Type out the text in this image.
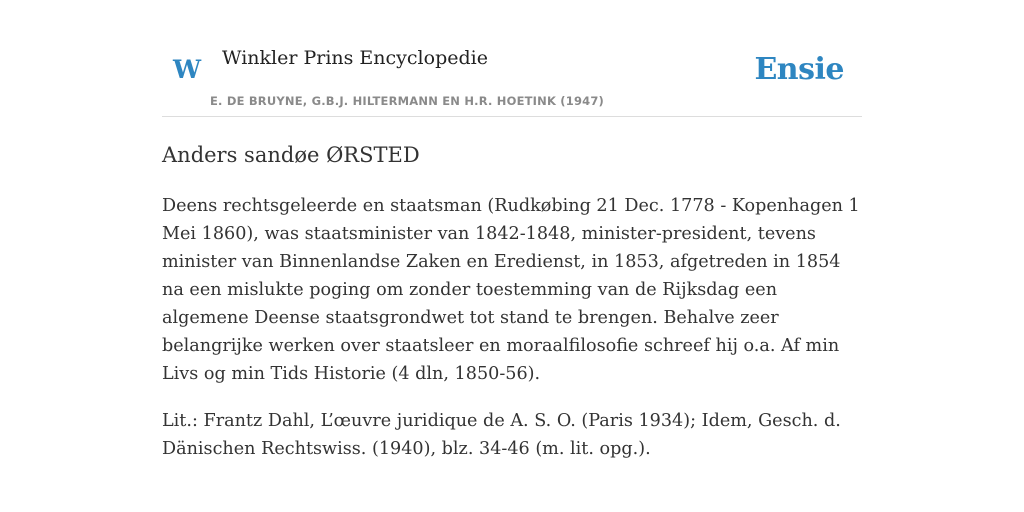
W Winkler Prins Encyclopedie
E. DE BRUYNE, G.B.J. HILTERMANN EN H.R. HOETINK (1947)
Ensie
Anders sandøe ØRSTED

Deens rechtsgeleerde en staatsman (Rudkøbing 21 Dec. 1778 - Kopenhagen 1 Mei 1860), was staatsminister van 1842-1848, minister-president, tevens minister van Binnenlandse Zaken en Eredienst, in 1853, afgetreden in 1854 na een mislukte poging om zonder toestemming van de Rijksdag een algemene Deense staatsgrondwet tot stand te brengen. Behalve zeer belangrijke werken over staatsleer en moraalfilosofie schreef hij o.a. Af min Livs og min Tids Historie (4 dln, 1850-56).

Lit.: Frantz Dahl, L’œuvre juridique de A. S. O. (Paris 1934); Idem, Gesch. d. Dänischen Rechtswiss. (1940), blz. 34-46 (m. lit. opg.).
